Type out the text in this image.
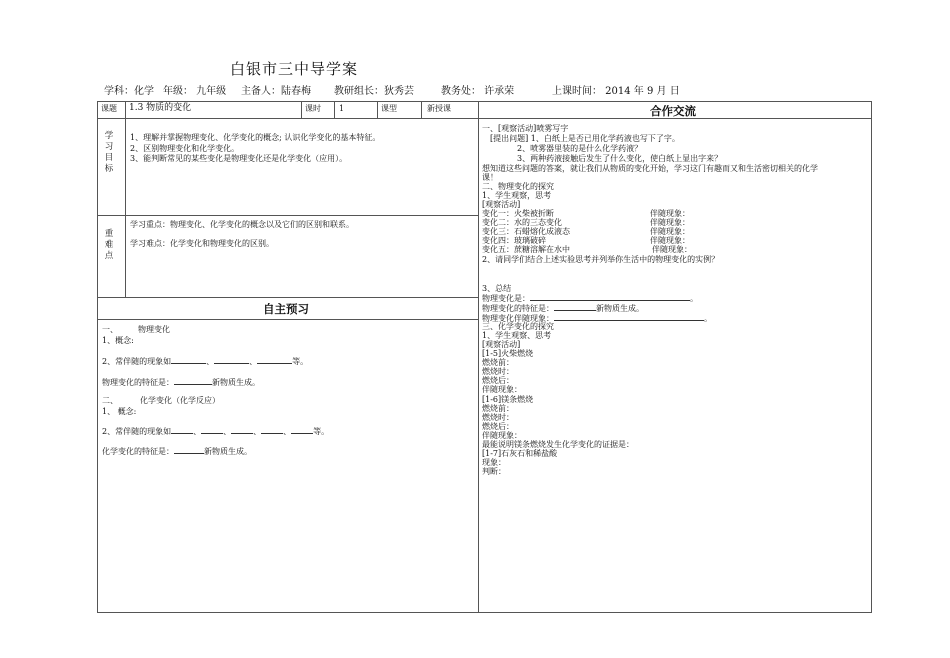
白银市三中导学案
学科：化学 年级： 九年级 主备人：陆春梅 教研组长：狄秀芸	教务处： 许承荣	上课时间： 2014 年 9 月 日
课题 1.3 物质的变化	课时 1	课型	新授课
学习目标
1、理解并掌握物理变化、化学变化的概念; 认识化学变化的基本特征。
2、区别物理变化和化学变化。
3、能判断常见的某些变化是物理变化还是化学变化（应用）。
重难点
学习重点：物理变化、化学变化的概念以及它们的区别和联系。
学习难点：化学变化和物理变化的区别。
自主预习
一、	物理变化
1、概念:
2、常伴随的现象如	、	、	等。
物理变化的特征是：	新物质生成。
二、	化学变化（化学反应）
1、 概念:
2、常伴随的现象如	、	、	、	、	等。
化学变化的特征是：	新物质生成。
合作交流
一、[观察活动]喷雾写字
[提出问题] 1、白纸上是否已用化学药液也写下了字。
2、喷雾器里装的是什么化学药液？
3、两种药液接触后发生了什么变化，使白纸上显出字来？
想知道这些问题的答案，就让我们从物质的变化开始，学习这门有趣而又和生活密切相关的化学
课！
二、物理变化的探究
1、学生观察，思考
[观察活动]
变化一：火柴被折断	伴随现象：
变化二：水的三态变化	伴随现象：
变化三：石蜡熔化成液态	伴随现象：
变化四：玻璃破碎	伴随现象：
变化五：蔗糖溶解在水中	伴随现象：
2、请同学们结合上述实验思考并列举你生活中的物理变化的实例？
3、总结
物理变化是：	。
物理变化的特征是：	新物质生成。
物理变化伴随现象：	。
三、化学变化的探究
1、学生观察、思考
[观察活动]
[1-5]火柴燃烧
燃烧前：
燃烧时：
燃烧后：
伴随现象：
[1-6]镁条燃烧
燃烧前：
燃烧时：
燃烧后：
伴随现象：
最能说明镁条燃烧发生化学变化的证据是：
[1-7]石灰石和稀盐酸
现象：
判断：
